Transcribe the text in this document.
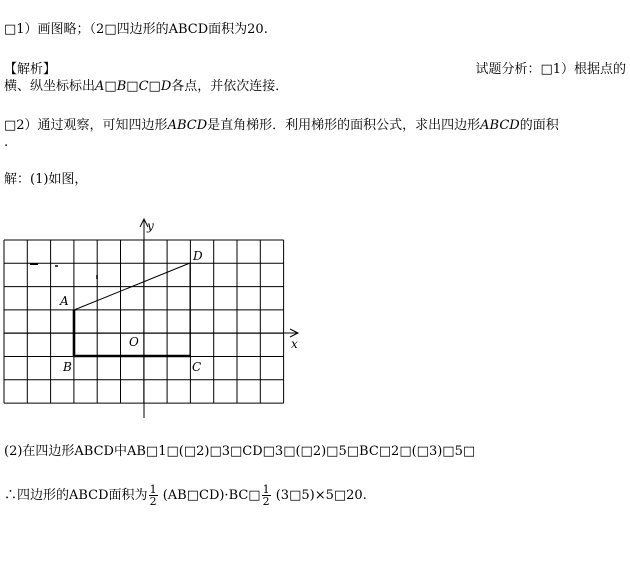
□1）画图略；（2□四边形的ABCD面积为20.
【解析】	试题分析：□1）根据点的
横、纵坐标标出A□B□C□D各点，并依次连接．
□2）通过观察，可知四边形ABCD是直角梯形．利用梯形的面积公式，求出四边形ABCD的面积
.
解：(1)如图，
y
x
O
A
B	C
D
(2)在四边形ABCD中AB□1□(□2)□3□CD□3□(□2)□5□BC□2□(□3)□5□
∴四边形的ABCD面积为 $\frac{1}{2}$ (AB□CD)·BC□ $\frac{1}{2}$ (3□5)×5□20.
